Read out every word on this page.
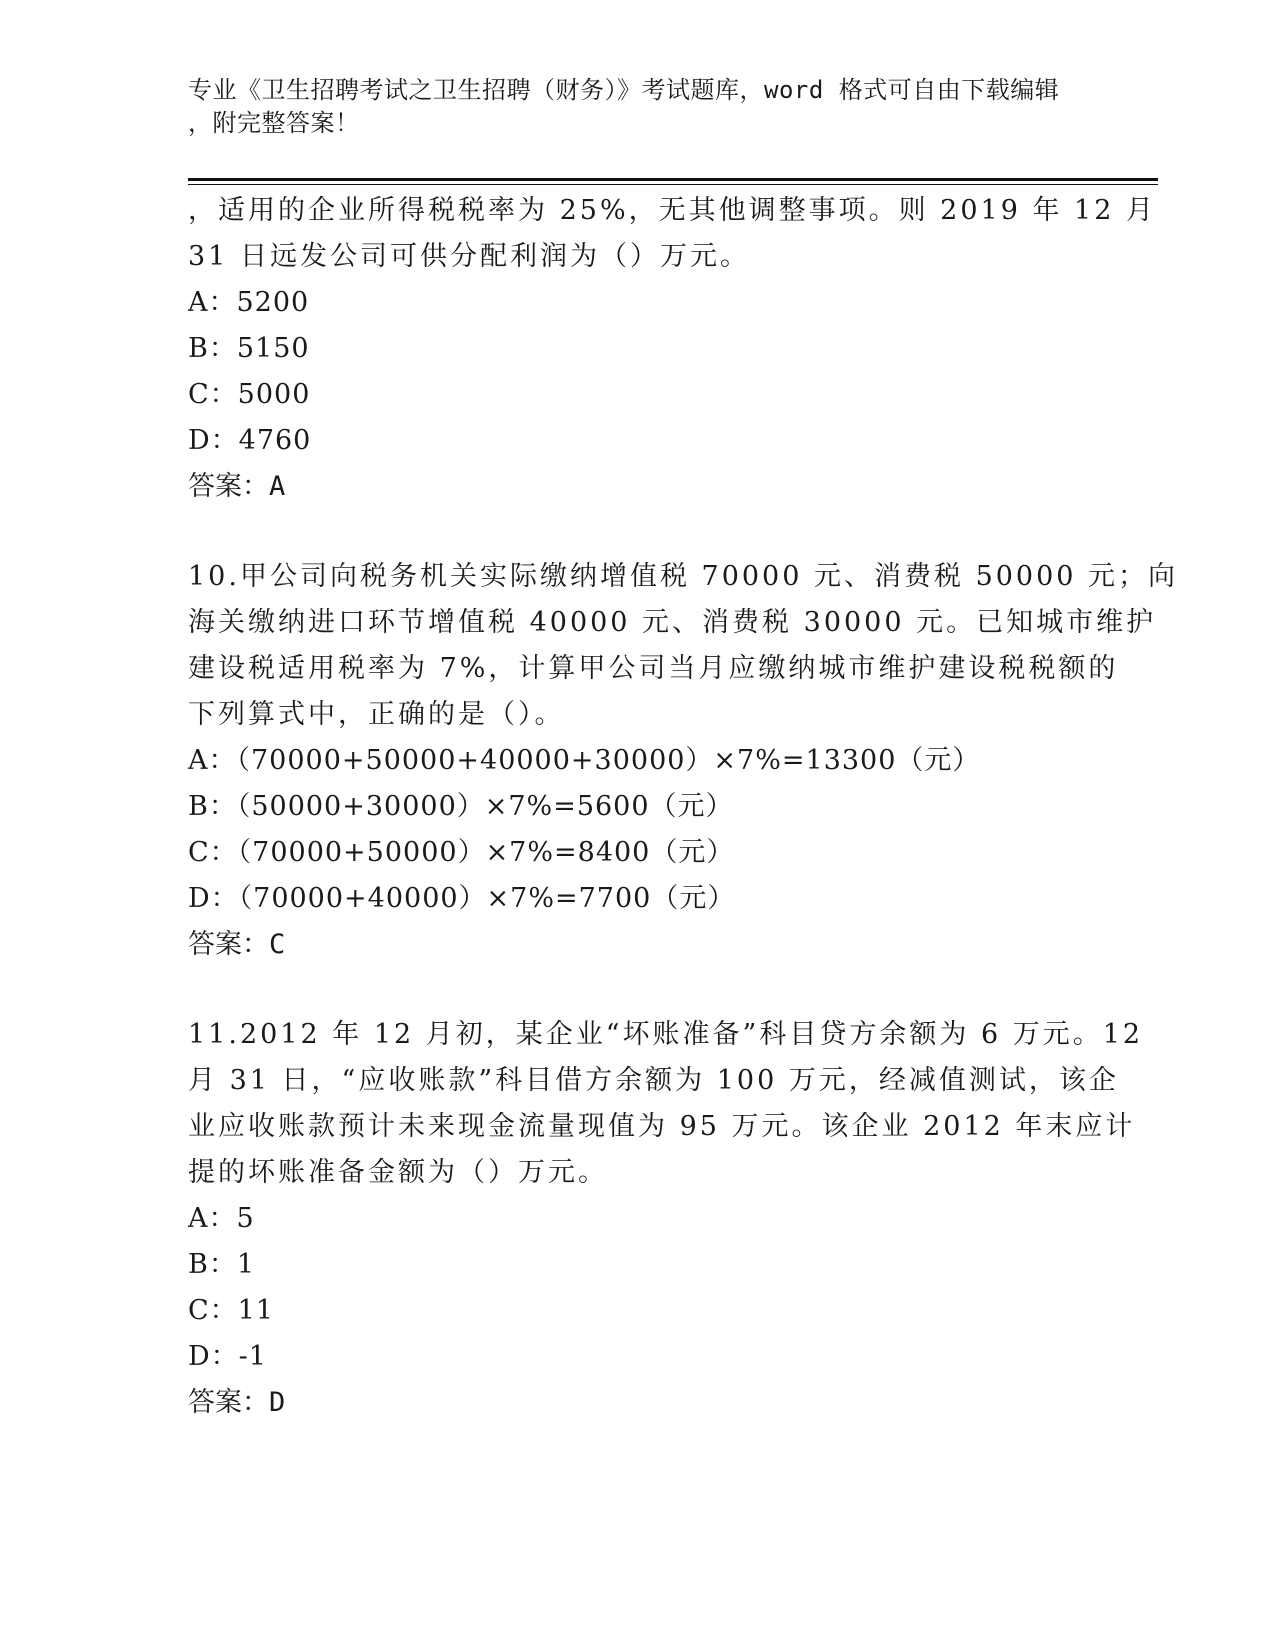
专业《卫生招聘考试之卫生招聘（财务）》考试题库，word 格式可自由下载编辑
，附完整答案！
，适用的企业所得税税率为 25%，无其他调整事项。则 2019 年 12 月
31 日远发公司可供分配利润为（）万元。
A：5200
B：5150
C：5000
D：4760
答案：A
10.甲公司向税务机关实际缴纳增值税 70000 元、消费税 50000 元；向
海关缴纳进口环节增值税 40000 元、消费税 30000 元。已知城市维护
建设税适用税率为 7%，计算甲公司当月应缴纳城市维护建设税税额的
下列算式中，正确的是（）。
A：（70000+50000+40000+30000）×7%=13300（元）
B：（50000+30000）×7%=5600（元）
C：（70000+50000）×7%=8400（元）
D：（70000+40000）×7%=7700（元）
答案：C
11.2012 年 12 月初，某企业“坏账准备”科目贷方余额为 6 万元。12
月 31 日，“应收账款”科目借方余额为 100 万元，经减值测试，该企
业应收账款预计未来现金流量现值为 95 万元。该企业 2012 年末应计
提的坏账准备金额为（）万元。
A：5
B：1
C：11
D：-1
答案：D
